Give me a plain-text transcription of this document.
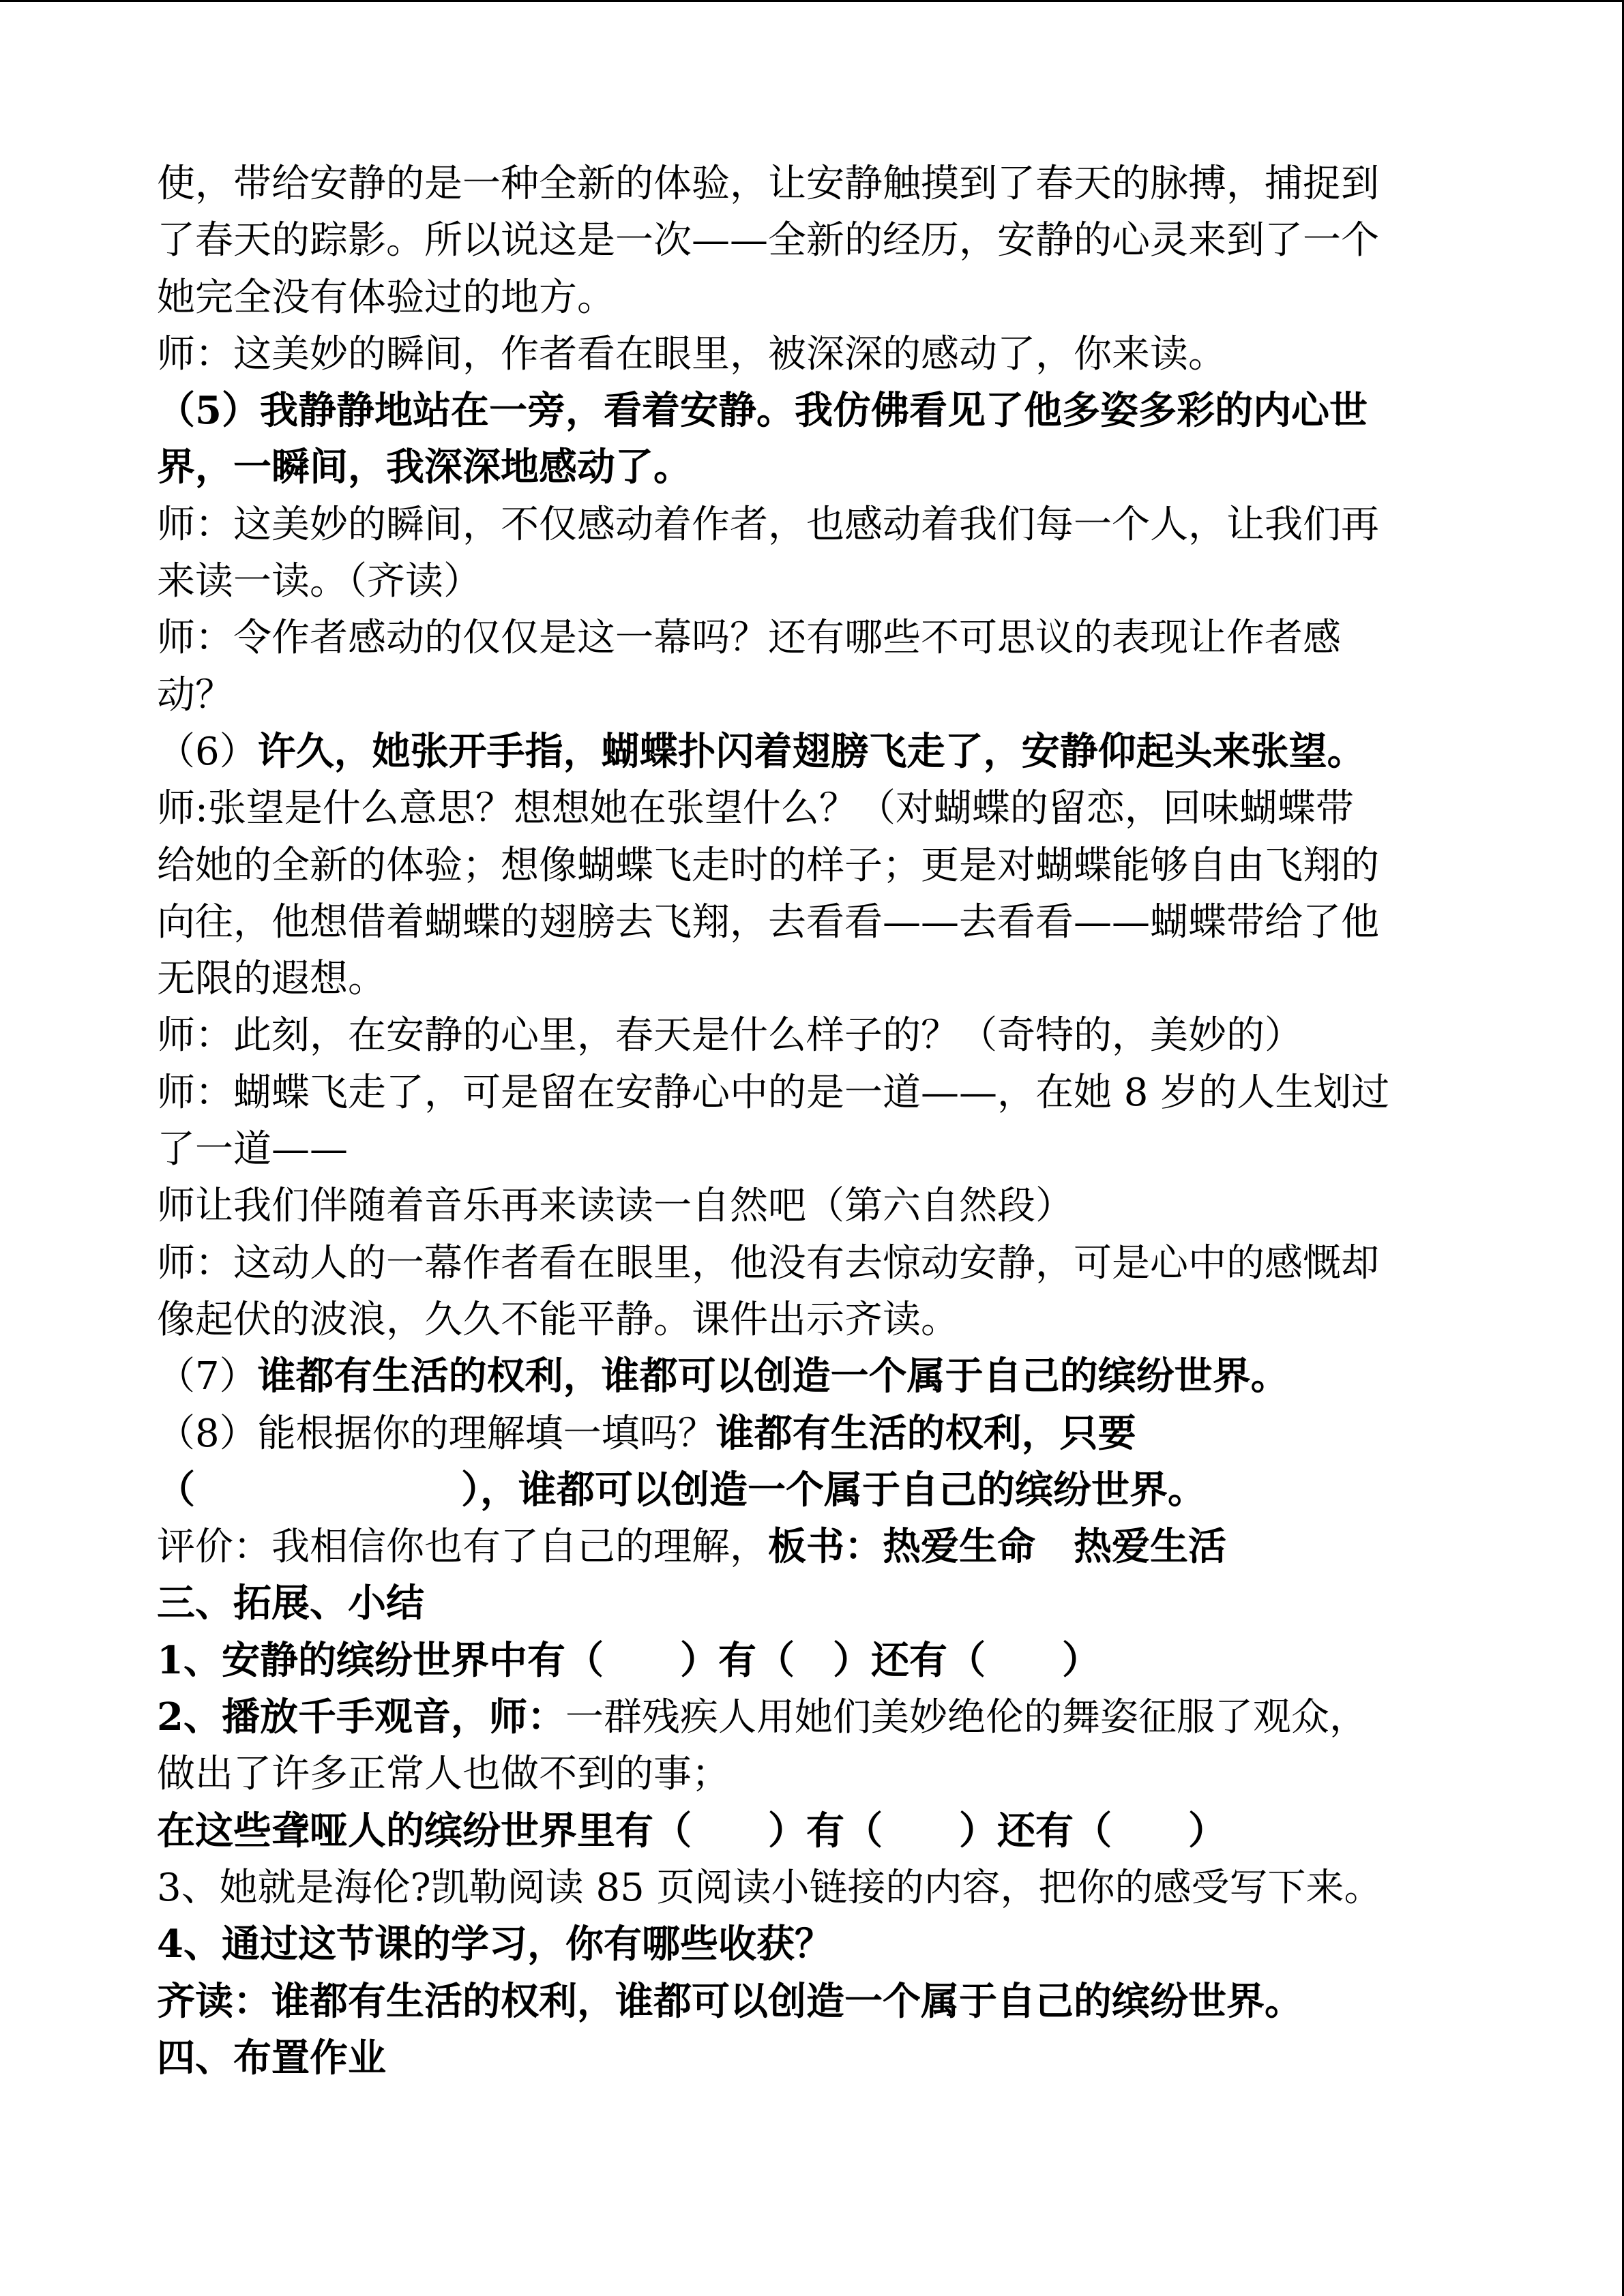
使，带给安静的是一种全新的体验，让安静触摸到了春天的脉搏，捕捉到
了春天的踪影。所以说这是一次——全新的经历，安静的心灵来到了一个
她完全没有体验过的地方。
师：这美妙的瞬间，作者看在眼里，被深深的感动了，你来读。
（5）我静静地站在一旁，看着安静。我仿佛看见了他多姿多彩的内心世
界，一瞬间，我深深地感动了。
师：这美妙的瞬间，不仅感动着作者，也感动着我们每一个人，让我们再
来读一读。（齐读）
师：令作者感动的仅仅是这一幕吗？还有哪些不可思议的表现让作者感
动？
（6）许久，她张开手指，蝴蝶扑闪着翅膀飞走了，安静仰起头来张望。
师:张望是什么意思？想想她在张望什么？（对蝴蝶的留恋，回味蝴蝶带
给她的全新的体验；想像蝴蝶飞走时的样子；更是对蝴蝶能够自由飞翔的
向往，他想借着蝴蝶的翅膀去飞翔，去看看——去看看——蝴蝶带给了他
无限的遐想。
师：此刻，在安静的心里，春天是什么样子的？（奇特的，美妙的）
师：蝴蝶飞走了，可是留在安静心中的是一道——，在她 8 岁的人生划过
了一道——
师让我们伴随着音乐再来读读一自然吧（第六自然段）
师：这动人的一幕作者看在眼里，他没有去惊动安静，可是心中的感慨却
像起伏的波浪，久久不能平静。课件出示齐读。
（7）谁都有生活的权利，谁都可以创造一个属于自己的缤纷世界。
（8）能根据你的理解填一填吗？谁都有生活的权利，只要
（	），谁都可以创造一个属于自己的缤纷世界。
评价：我相信你也有了自己的理解，板书：热爱生命　热爱生活
三、拓展、小结
1、安静的缤纷世界中有（　　）有（　）还有（　　）
2、播放千手观音，师：一群残疾人用她们美妙绝伦的舞姿征服了观众，
做出了许多正常人也做不到的事；
在这些聋哑人的缤纷世界里有（　　）有（　　）还有（　　）
3、她就是海伦?凯勒阅读 85 页阅读小链接的内容，把你的感受写下来。
4、通过这节课的学习，你有哪些收获？
齐读：谁都有生活的权利，谁都可以创造一个属于自己的缤纷世界。
四、布置作业
